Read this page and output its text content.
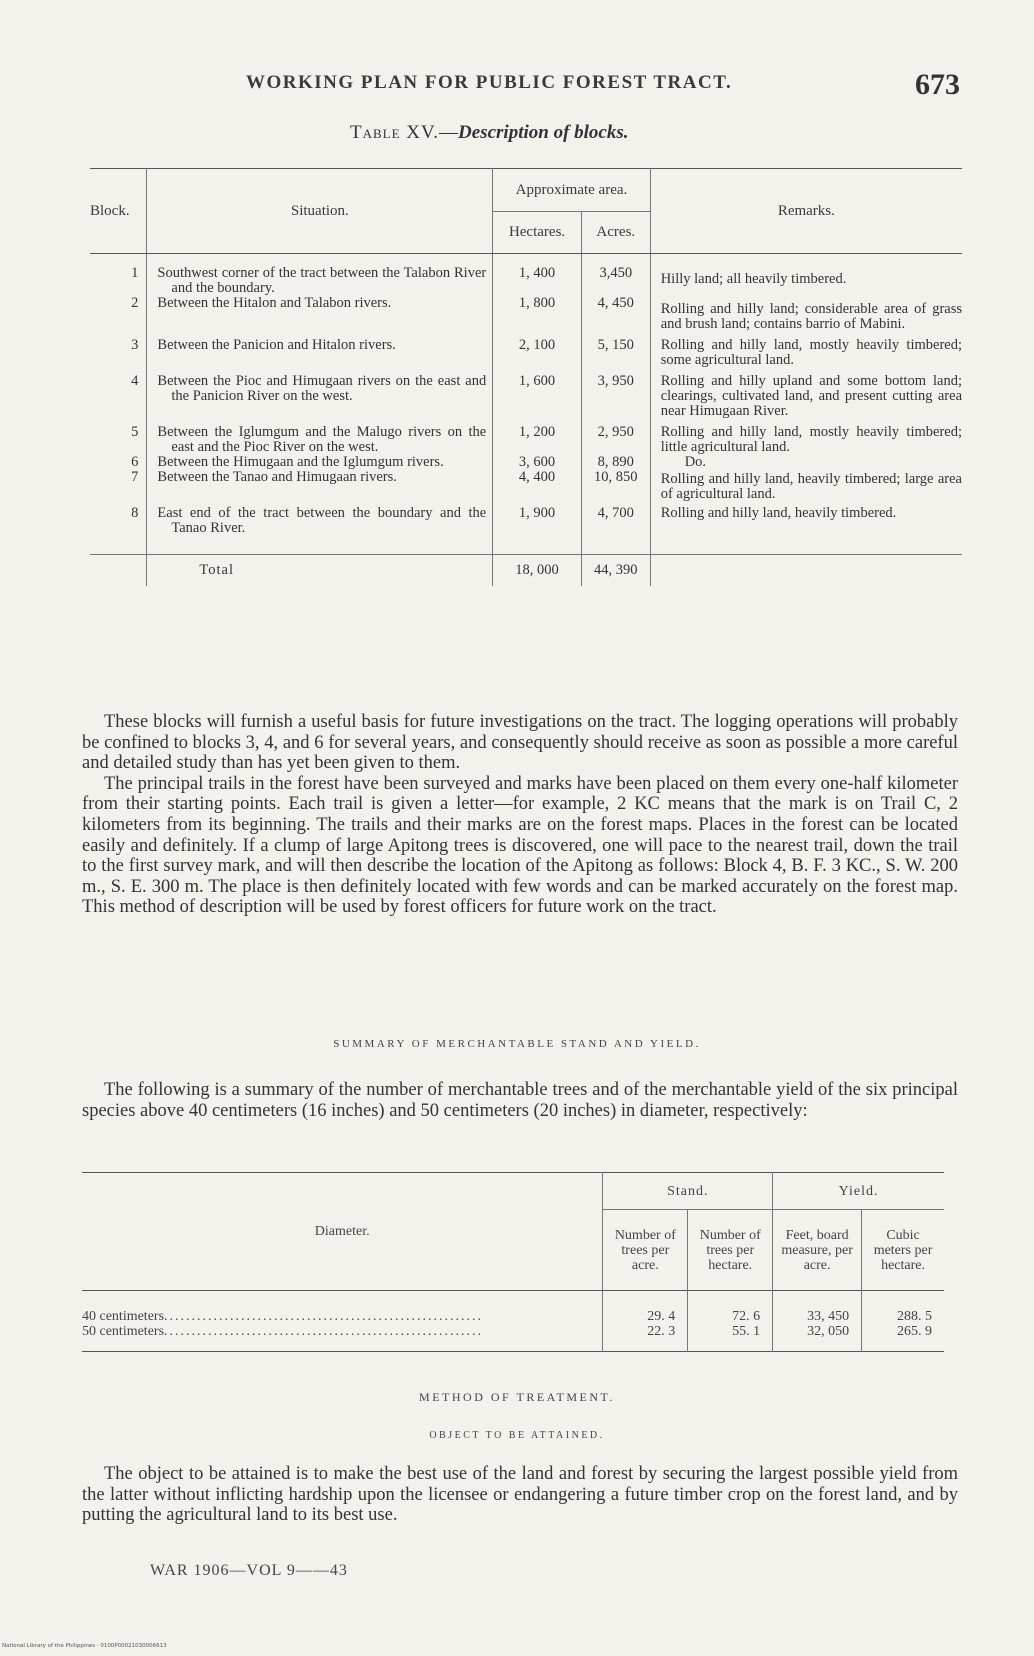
WORKING PLAN FOR PUBLIC FOREST TRACT.	673
Table XV.—Description of blocks.
Block.	Situation.	Approximate area.		Remarks.
		Hectares.	Acres.	
1	Southwest corner of the tract between the Talabon River and the boundary.	1, 400	3,450	Hilly land; all heavily timbered.
2	Between the Hitalon and Talabon rivers.	1, 800	4, 450	Rolling and hilly land; considerable area of grass and brush land; contains barrio of Mabini.
3	Between the Panicion and Hitalon rivers.	2, 100	5, 150	Rolling and hilly land, mostly heavily timbered; some agricultural land.
4	Between the Pioc and Himugaan rivers on the east and the Panicion River on the west.	1, 600	3, 950	Rolling and hilly upland and some bottom land; clearings, cultivated land, and present cutting area near Himugaan River.
5	Between the Iglumgum and the Malugo rivers on the east and the Pioc River on the west.	1, 200	2, 950	Rolling and hilly land, mostly heavily timbered; little agricultural land.
6	Between the Himugaan and the Iglumgum rivers.	3, 600	8, 890	Do.
7	Between the Tanao and Himugaan rivers.	4, 400	10, 850	Rolling and hilly land, heavily timbered; large area of agricultural land.
8	East end of the tract between the boundary and the Tanao River.	1, 900	4, 700	Rolling and hilly land, heavily timbered.
	Total	18, 000	44, 390	

These blocks will furnish a useful basis for future investigations on the tract. The logging operations will probably be confined to blocks 3, 4, and 6 for several years, and consequently should receive as soon as possible a more careful and detailed study than has yet been given to them.

The principal trails in the forest have been surveyed and marks have been placed on them every one-half kilometer from their starting points. Each trail is given a letter—for example, 2 KC means that the mark is on Trail C, 2 kilometers from its beginning. The trails and their marks are on the forest maps. Places in the forest can be located easily and definitely. If a clump of large Apitong trees is discovered, one will pace to the nearest trail, down the trail to the first survey mark, and will then describe the location of the Apitong as follows: Block 4, B. F. 3 KC., S. W. 200 m., S. E. 300 m. The place is then definitely located with few words and can be marked accurately on the forest map. This method of description will be used by forest officers for future work on the tract.

SUMMARY OF MERCHANTABLE STAND AND YIELD.

The following is a summary of the number of merchantable trees and of the merchantable yield of the six principal species above 40 centimeters (16 inches) and 50 centimeters (20 inches) in diameter, respectively:

Diameter.	Stand.		Yield.	
	Number of trees per acre.	Number of trees per hectare.	Feet, board measure, per acre.	Cubic meters per hectare.
40 centimeters..........................................................	29. 4	72. 6	33, 450	288. 5
50 centimeters..........................................................	22. 3	55. 1	32, 050	265. 9
METHOD OF TREATMENT.
OBJECT TO BE ATTAINED.

The object to be attained is to make the best use of the land and forest by securing the largest possible yield from the latter without inflicting hardship upon the licensee or endangering a future timber crop on the forest land, and by putting the agricultural land to its best use.

WAR 1906—VOL 9——43
National Library of the Philippines · 0100P00021030006613
